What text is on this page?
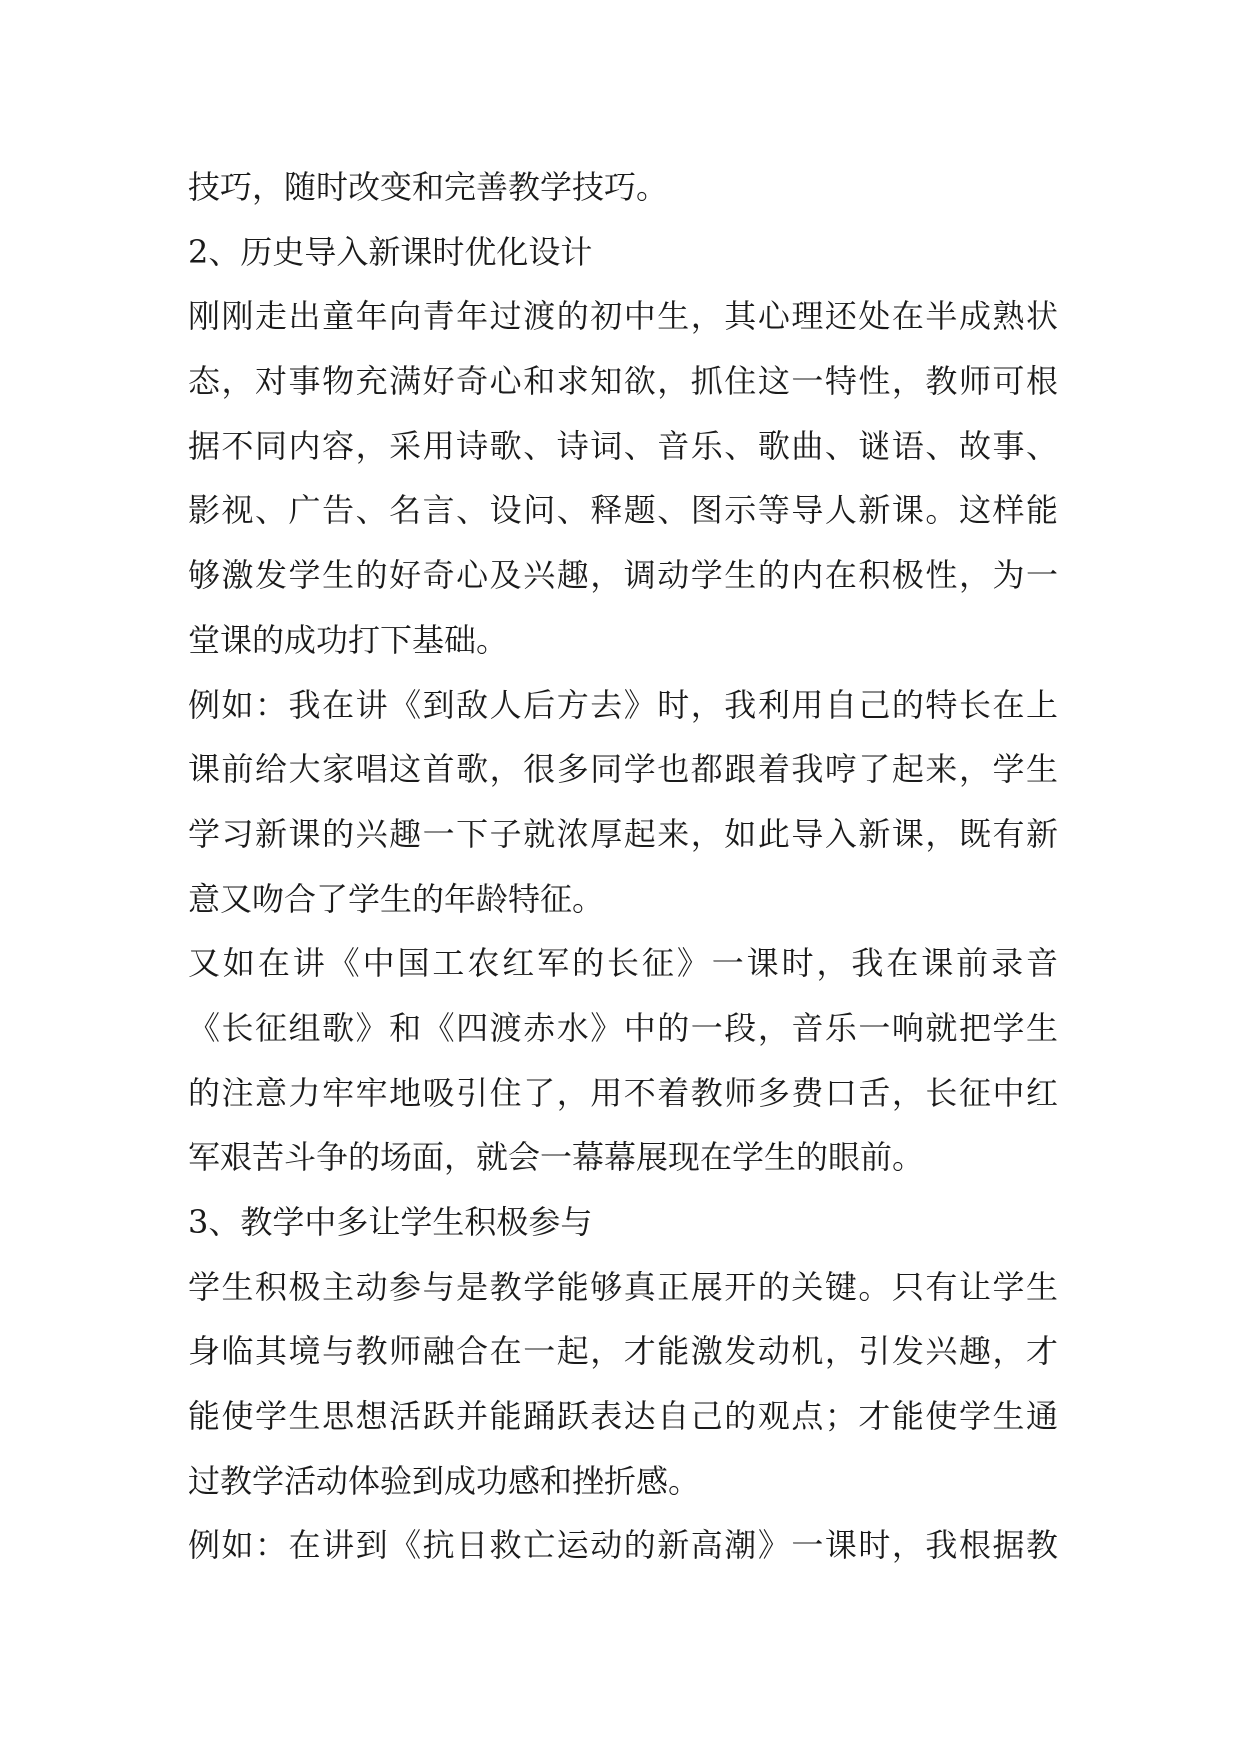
技巧，随时改变和完善教学技巧。
2、历史导入新课时优化设计
刚刚走出童年向青年过渡的初中生，其心理还处在半成熟状
态，对事物充满好奇心和求知欲，抓住这一特性，教师可根
据不同内容，采用诗歌、诗词、音乐、歌曲、谜语、故事、
影视、广告、名言、设问、释题、图示等导人新课。这样能
够激发学生的好奇心及兴趣，调动学生的内在积极性，为一
堂课的成功打下基础。
例如：我在讲《到敌人后方去》时，我利用自己的特长在上
课前给大家唱这首歌，很多同学也都跟着我哼了起来，学生
学习新课的兴趣一下子就浓厚起来，如此导入新课，既有新
意又吻合了学生的年龄特征。
又如在讲《中国工农红军的长征》一课时，我在课前录音
《长征组歌》和《四渡赤水》中的一段，音乐一响就把学生
的注意力牢牢地吸引住了，用不着教师多费口舌，长征中红
军艰苦斗争的场面，就会一幕幕展现在学生的眼前。
3、教学中多让学生积极参与
学生积极主动参与是教学能够真正展开的关键。只有让学生
身临其境与教师融合在一起，才能激发动机，引发兴趣，才
能使学生思想活跃并能踊跃表达自己的观点；才能使学生通
过教学活动体验到成功感和挫折感。
例如：在讲到《抗日救亡运动的新高潮》一课时，我根据教
